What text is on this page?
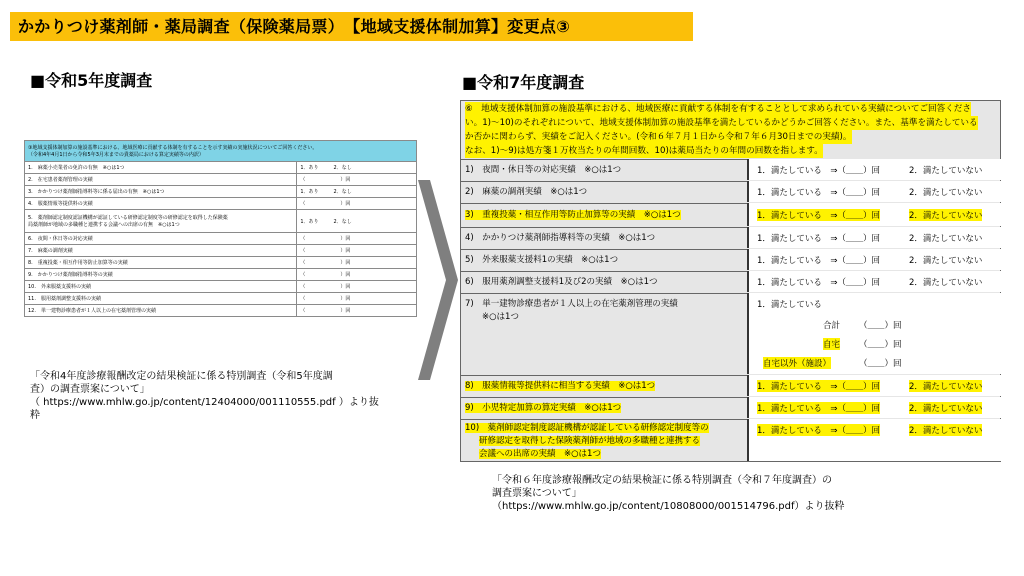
かかりつけ薬剤師・薬局調査（保険薬局票）　【地域支援体制加算】変更点③
■令和5年度調査
③地域支援体制加算の施設基準における、地域医療に貢献する体制を有することを示す実績の実施状況についてご回答ください。
（令和4年4月1日から令和5年3月末までの貴薬局における算定実績等の内訳）	

1.　麻薬小売業者の免許の有無　※○は1つ	1．あり　　　2．なし
2.　在宅患者薬剤管理の実績	（　　　　　　　）回
3.　かかりつけ薬剤師指導料等に係る届出の有無　※○は1つ	1．あり　　　2．なし
4.　服薬情報等提供料の実績	（　　　　　　　）回

5.　薬剤師認定制度認証機構が認証している研修認定制度等の研修認定を取得した保険薬
局薬剤師が地域の多職種と連携する会議への出席の有無　※○は1つ	1．あり　　　2．なし
6.　夜間・休日等の対応実績	（　　　　　　　）回
7.　麻薬の調剤実績	（　　　　　　　）回
8.　重複投薬・相互作用等防止加算等の実績	（　　　　　　　）回
9.　かかりつけ薬剤師指導料等の実績	（　　　　　　　）回
10.　外来服薬支援料の実績	（　　　　　　　）回
11.　服用薬剤調整支援料の実績	（　　　　　　　）回
12.　単一建物診療患者が１人以上の在宅薬剤管理の実績	（　　　　　　　）回
「令和4年度診療報酬改定の結果検証に係る特別調査（令和5年度調
査）の調査票案について」
（ https://www.mhlw.go.jp/content/12404000/001110555.pdf ）より抜
粋
■令和7年度調査
⑥　地域支援体制加算の施設基準における、地域医療に貢献する体制を有することとして求められている実績についてご回答くださ い。1)～10)のそれぞれについて、地域支援体制加算の施設基準を満たしているかどうかご回答ください。また、基準を満たしている か否かに関わらず、実績をご記入ください。(令和６年７月１日から令和７年６月30日までの実績)。 なお、1)～9)は処方箋１万枚当たりの年間回数、10)は薬局当たりの年間の回数を指します。
1)　夜間・休日等の対応実績　※○は1つ	1．満たしている　⇒（＿＿）回	2．満たしていない
2)　麻薬の調剤実績　※○は1つ	1．満たしている　⇒（＿＿）回	2．満たしていない
3)　重複投薬・相互作用等防止加算等の実績　※○は1つ	1．満たしている　⇒（＿＿）回	2．満たしていない
4)　かかりつけ薬剤師指導料等の実績　※○は1つ	1．満たしている　⇒（＿＿）回	2．満たしていない
5)　外来服薬支援料1の実績　※○は1つ	1．満たしている　⇒（＿＿）回	2．満たしていない
6)　服用薬剤調整支援料1及び2の実績　※○は1つ	1．満たしている　⇒（＿＿）回	2．満たしていない
7)　単一建物診療患者が１人以上の在宅薬剤管理の実績
　　※○は1つ
1．満たしている
合計 （＿＿）回
自宅 （＿＿）回
自宅以外（施設）	（＿＿）回
8)　服薬情報等提供料に相当する実績　※○は1つ	1．満たしている　⇒（＿＿）回	2．満たしていない
9)　小児特定加算の算定実績　※○は1つ	1．満たしている　⇒（＿＿）回	2．満たしていない
10)　薬剤師認定制度認証機構が認証している研修認定制度等の
研修認定を取得した保険薬剤師が地域の多職種と連携する
会議への出席の実績　※○は1つ
1．満たしている　⇒（＿＿）回	2．満たしていない
「令和６年度診療報酬改定の結果検証に係る特別調査（令和７年度調査）の
調査票案について」
（https://www.mhlw.go.jp/content/10808000/001514796.pdf）より抜粋
